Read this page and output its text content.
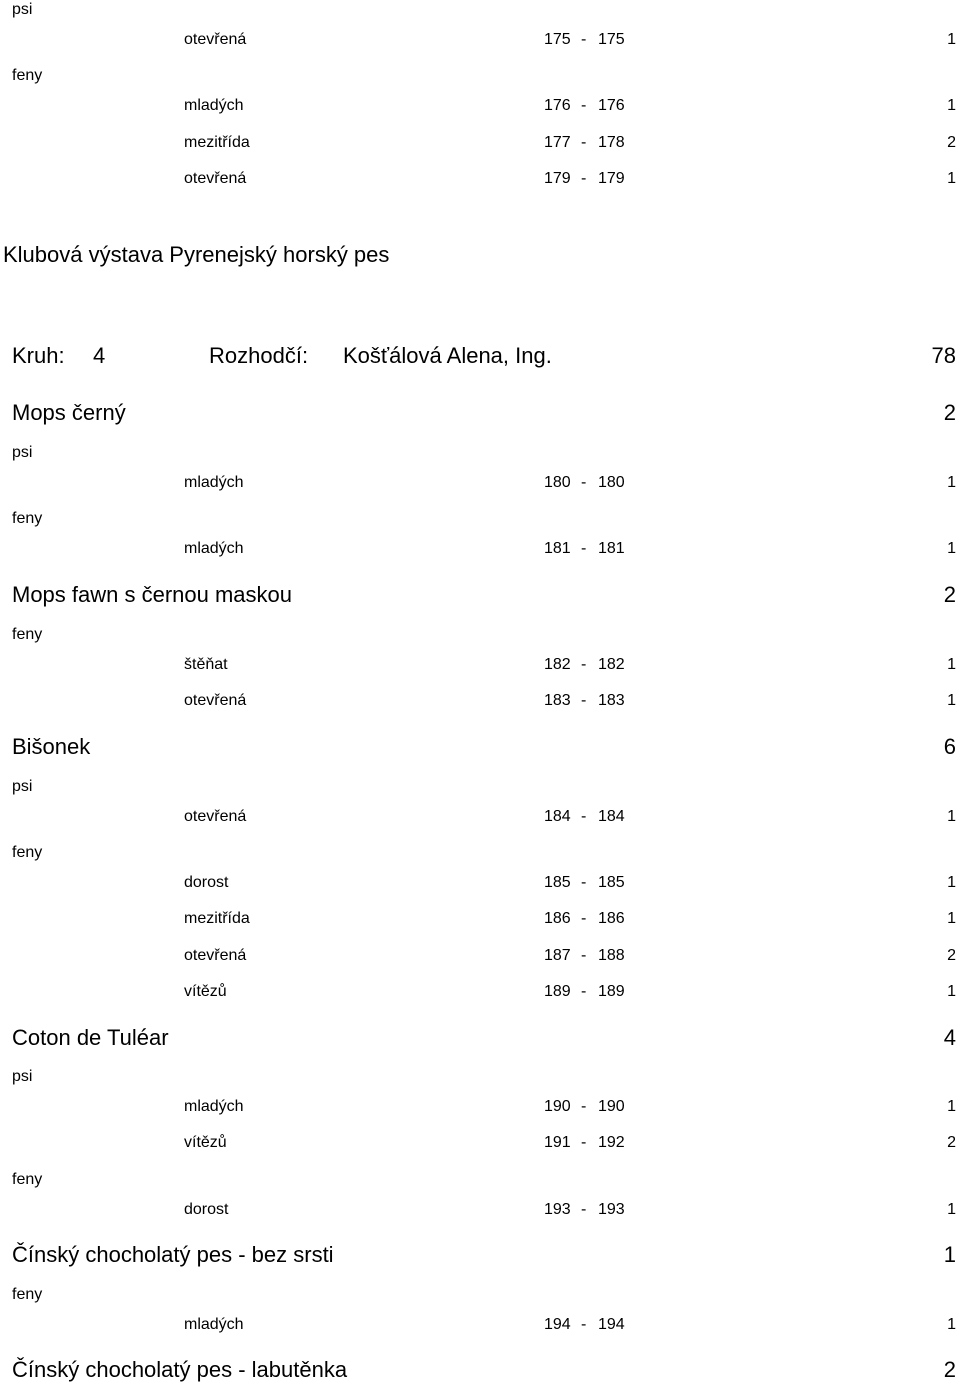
psi
otevřená	175 - 175	1
feny
mladých	176 - 176	1
mezitřída	177 - 178	2
otevřená	179 - 179	1
Klubová výstava Pyrenejský horský pes
Kruh: 4	Rozhodčí: Košťálová Alena, Ing.	78
Mops černý	2
psi
mladých	180 - 180	1
feny
mladých	181 - 181	1
Mops fawn s černou maskou	2
feny
štěňat	182 - 182	1
otevřená	183 - 183	1
Bišonek	6
psi
otevřená	184 - 184	1
feny
dorost	185 - 185	1
mezitřída	186 - 186	1
otevřená	187 - 188	2
vítězů	189 - 189	1
Coton de Tuléar	4
psi
mladých	190 - 190	1
vítězů	191 - 192	2
feny
dorost	193 - 193	1
Čínský chocholatý pes - bez srsti	1
feny
mladých	194 - 194	1
Čínský chocholatý pes - labutěnka	2
